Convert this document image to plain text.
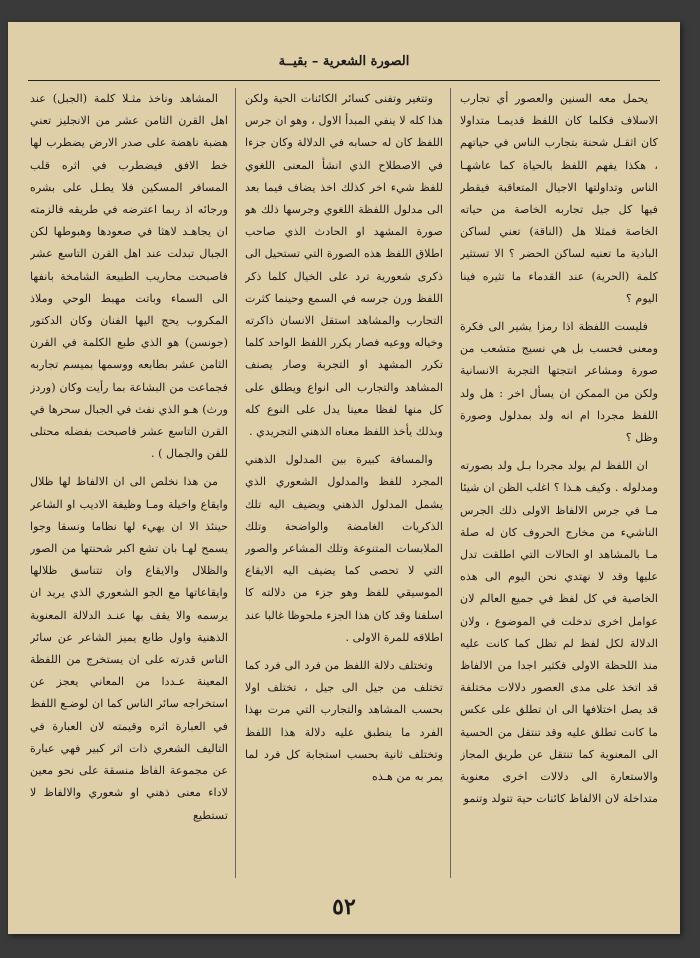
الصورة الشعرية – بقيــة

يحمل معه السنين والعصور أي تجارب الاسلاف فكلما كان اللفظ قديمـا متداولا كان اثقـل شحنة بتجارب الناس في حياتهم ، هكذا يفهم اللفظ بالحياة كما عاشهـا الناس وتداولتها الاجيال المتعاقبة فيقطر فيها كل جيل تجاربه الخاصة من حياته الخاصة فمثلا هل (الناقة) تعني لساكن البادية ما تعنيه لساكن الحضر ؟ الا تستثير كلمة (الحرية) عند القدماء ما تثيره فينا اليوم ؟

فليست اللفظة اذا رمزا يشير الى فكرة ومعنى فحسب بل هي نسيج متشعب من صورة ومشاعر انتجتها التجربة الانسانية ولكن من الممكن ان يسأل اخر : هل ولد اللفظ مجردا ام انه ولد بمدلول وصورة وظل ؟

ان اللفظ لم يولد مجردا بـل ولد بصورته ومدلوله . وكيف هـذا ؟ اغلب الظن ان شيئا مـا في جرس الالفاظ الاولى ذلك الجرس الناشيء من مخارج الحروف كان له صلة مـا بالمشاهد او الحالات التي اطلقت تدل عليها وقد لا نهتدي نحن اليوم الى هذه الخاصية في كل لفظ في جميع العالم لان عوامل اخرى تدخلت في الموضوع ، ولان الدلالة لكل لفظ لم تظل كما كانت عليه منذ اللحظة الاولى فكثير اجدا من الالفاظ قد اتخذ على مدى العصور دلالات مختلفة قد يصل اختلافها الى ان تطلق على عكس ما كانت تطلق عليه وقد تنتقل من الحسية الى المعنوية كما تنتقل عن طريق المجاز والاستعارة الى دلالات اخرى معنوية متداخلة لان الالفاظ كائنات حية تتولد وتنمو

وتتغير وتفنى كسائر الكائنات الحية ولكن هذا كله لا ينفي المبدأ الاول ، وهو ان جرس اللفظ كان له حسابه في الدلالة وكان جزءا في الاصطلاح الذي انشأ المعنى اللغوي للفظ شيء اخر كذلك اخذ يضاف فيما بعد الى مدلول اللفظة اللغوي وجرسها ذلك هو صورة المشهد او الحادث الذي صاحب اطلاق اللفظ هذه الصورة التي تستحيل الى ذكرى شعورية ترد على الخيال كلما ذكر اللفظ ورن جرسه في السمع وحينما كثرت التجارب والمشاهد استقل الانسان ذاكرته وخياله ووعيه فصار يكرر اللفظ الواحد كلما تكرر المشهد او التجربة وصار يصنف المشاهد والتجارب الى انواع ويطلق على كل منها لفظا معينا يدل على النوع كله وبذلك يأخذ اللفظ معناه الذهني التجريدي .

والمسافة كبيرة بين المدلول الذهني المجرد للفظ والمدلول الشعوري الذي يشمل المدلول الذهني ويضيف اليه تلك الذكريات الغامضة والواضحة وتلك الملابسات المتنوعة وتلك المشاعر والصور التي لا تحصى كما يضيف اليه الايقاع الموسيقي للفظ وهو جزء من دلالته كا اسلفنا وقد كان هذا الجزء ملحوظا غالبا عند اطلاقه للمرة الاولى .

وتختلف دلالة اللفظ من فرد الى فرد كما تختلف من جيل الى جيل ، تختلف اولا بحسب المشاهد والتجارب التي مرت بهذا الفرد ما ينطبق عليه دلالة هذا اللفظ وتختلف ثانية بحسب استجابة كل فرد لما يمر به من هـذه

المشاهد وناخذ مثـلا كلمة (الجبل) عند اهل القرن الثامن عشر من الانجليز تعني هضبة ناهضة على صدر الارض يضطرب لها خط الافق فيضطرب في اثره قلب المسافر المسكين فلا يطـل على بشره ورجائه اذ ربما اعترضه في طريقه فالزمته ان يجاهـد لاهثا في صعودها وهبوطها لكن الجبال تبدلت عند اهل القرن التاسع عشر فاصبحت محاريب الطبيعة الشامخة بانفها الى السماء وباتت مهبط الوحي وملاذ المكروب يحج اليها الفنان وكان الدكتور (جونسن) هو الذي طبع الكلمة في القرن الثامن عشر بطابعه ووسمها بميسم تجاربه فجماعت من البشاعة بما رأيت وكان (وردز ورث) هـو الذي نفث في الجبال سحرها في القرن التاسع عشر فاصبحت بفضله محتلى للفن والجمال ) .

من هذا نخلص الى ان الالفاظ لها ظلال وايقاع واخيلة ومـا وظيفة الاديب او الشاعر حينئذ الا ان يهيء لها نظاما ونسقا وجوا يسمح لهـا بان تشع اكبر شحنتها من الصور والظلال والايقاع وان تتناسق ظلالها وايقاعاتها مع الجو الشعوري الذي يريد ان يرسمه والا يقف بها عنـد الدلالة المعنوية الذهنية واول طابع يميز الشاعر عن سائر الناس قدرته على ان يستخرج من اللفظة المعينة عـددا من المعاني يعجز عن استخراجه سائر الناس كما ان لوضـع اللفظ في العبارة اثره وقيمته لان العبارة في التاليف الشعري ذات اثر كبير فهي عبارة عن مجموعة الفاظ منسقة على نحو معين لاداء معنى ذهني او شعوري والالفاظ لا تستطيع

٥٢
